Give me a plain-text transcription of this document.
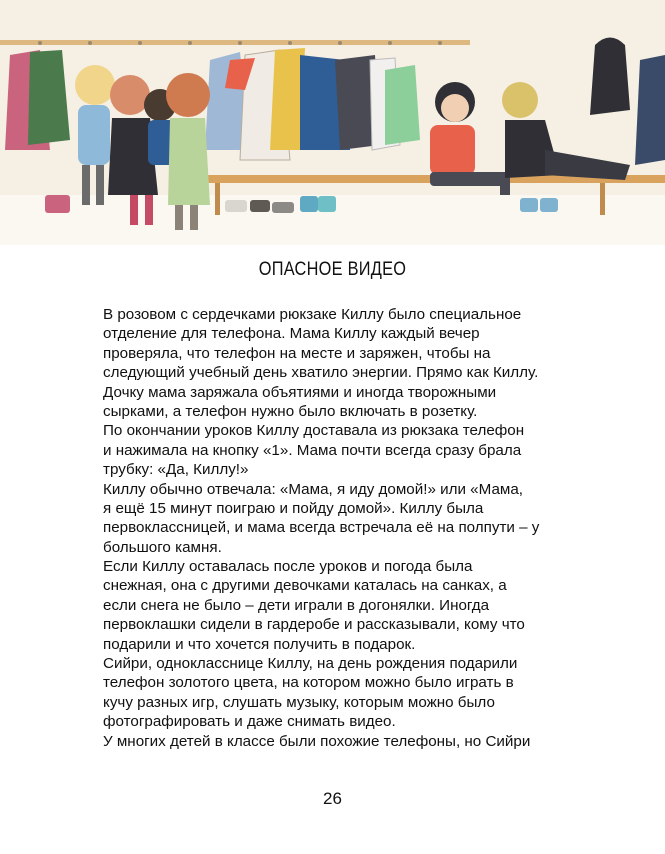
ОПАСНОЕ ВИДЕО
В розовом с сердечками рюкзаке Киллу было специальное
отделение для телефона. Мама Киллу каждый вечер
проверяла, что телефон на месте и заряжен, чтобы на
следующий учебный день хватило энергии. Прямо как Киллу.
Дочку мама заряжала объятиями и иногда творожными
сырками, а телефон нужно было включать в розетку.
По окончании уроков Киллу доставала из рюкзака телефон
и нажимала на кнопку «1». Мама почти всегда сразу брала
трубку: «Да, Киллу!»
Киллу обычно отвечала: «Мама, я иду домой!» или «Мама,
я ещё 15 минут поиграю и пойду домой». Киллу была
первоклассницей, и мама всегда встречала её на полпути – у
большого камня.
Если Киллу оставалась после уроков и погода была
снежная, она с другими девочками каталась на санках, а
если снега не было – дети играли в догонялки. Иногда
первоклашки сидели в гардеробе и рассказывали, кому что
подарили и что хочется получить в подарок.
Сийри, однокласснице Киллу, на день рождения подарили
телефон золотого цвета, на котором можно было играть в
кучу разных игр, слушать музыку, которым можно было
фотографировать и даже снимать видео.
У многих детей в классе были похожие телефоны, но Сийри
26
